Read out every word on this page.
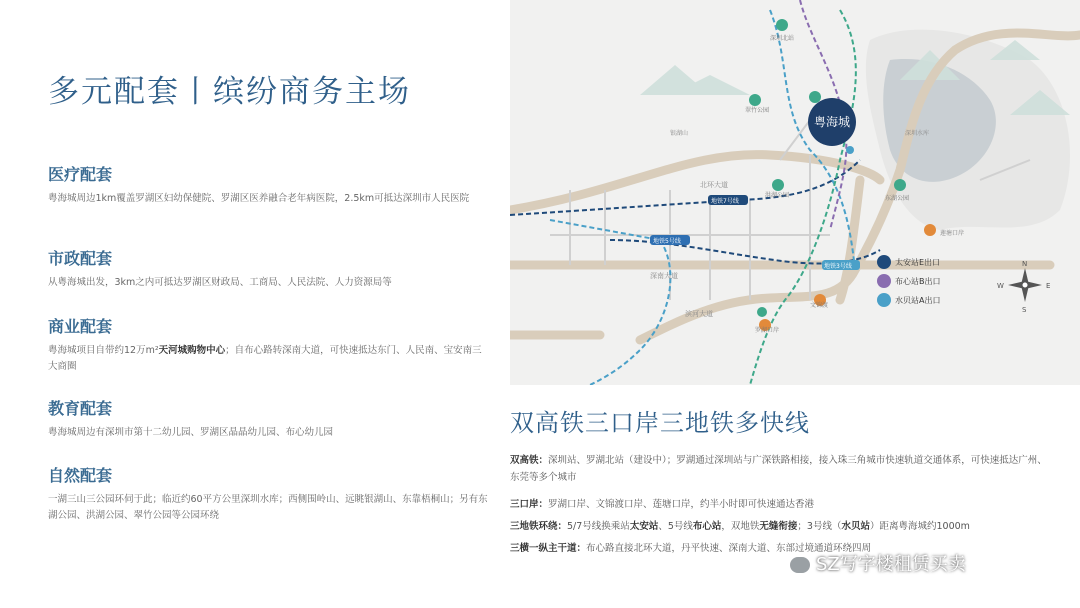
多元配套丨缤纷商务主场
医疗配套

粤海城周边1km覆盖罗湖区妇幼保健院、罗湖区医养融合老年病医院，2.5km可抵达深圳市人民医院

市政配套

从粤海城出发，3km之内可抵达罗湖区财政局、工商局、人民法院、人力资源局等

商业配套

粤海城项目自带约12万m²天河城购物中心；自布心路转深南大道，可快速抵达东门、人民南、宝安南三大商圈

教育配套

粤海城周边有深圳市第十二幼儿园、罗湖区晶晶幼儿园、布心幼儿园

自然配套

一湖三山三公园环伺于此；临近约60平方公里深圳水库；西侧围岭山、远眺银湖山、东靠梧桐山；另有东湖公园、洪湖公园、翠竹公园等公园环绕

北环大道
深南大道
滨河大道
地铁7号线
地铁5号线
地铁3号线
深圳北站
银湖山	深圳水库
罗湖口岸
莲塘口岸
东湖公园
洪湖公园
翠竹公园
文锦渡
粤海城
太安站E出口
布心站B出口
水贝站A出口
N
S
W	E
双高铁三口岸三地铁多快线
双高铁：深圳站、罗湖北站（建设中）；罗湖通过深圳站与广深铁路相接，接入珠三角城市快速轨道交通体系，可快速抵达广州、东莞等多个城市
三口岸：罗湖口岸、文锦渡口岸、莲塘口岸，约半小时即可快速通达香港
三地铁环绕：5/7号线换乘站太安站、5号线布心站，双地铁无缝衔接；3号线（水贝站）距离粤海城约1000m
三横一纵主干道：布心路直接北环大道，丹平快速、深南大道、东部过境通道环绕四周
SZ写字楼租赁买卖
